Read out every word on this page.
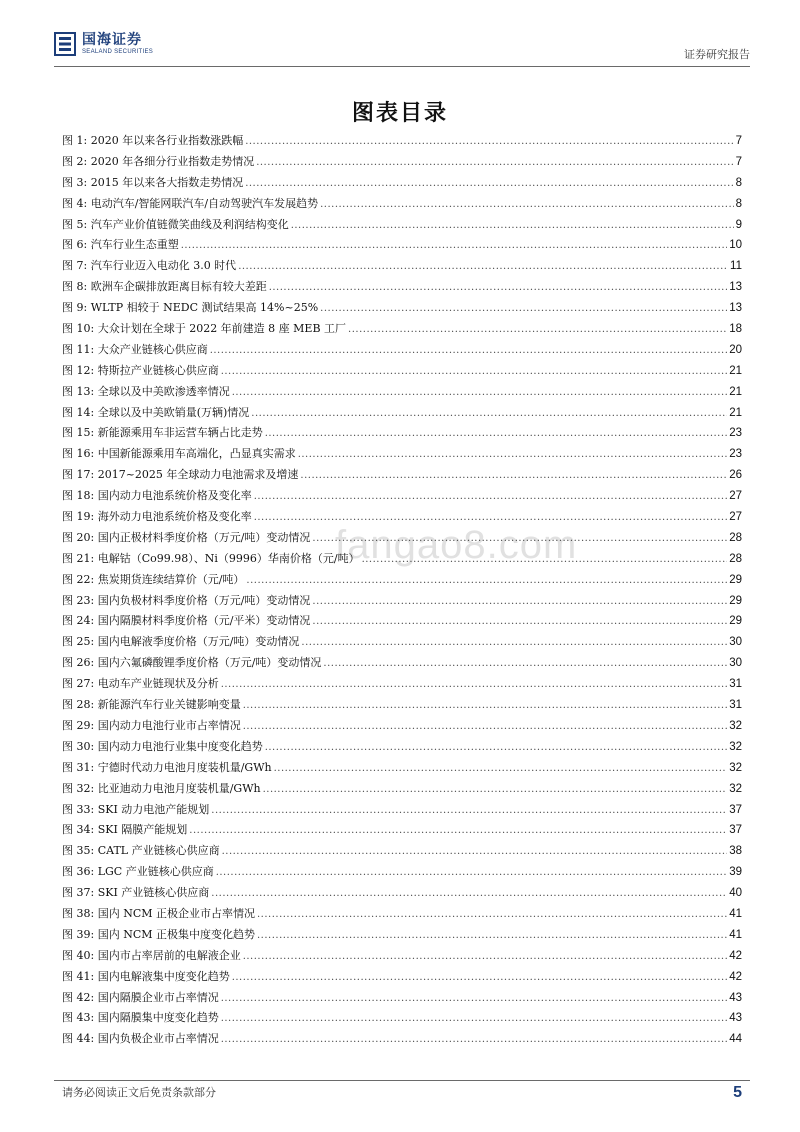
国海证券
SEALAND SECURITIES	证券研究报告
图表目录
fangao8.com
图 1: 2020 年以来各行业指数涨跌幅 .....	7
图 2: 2020 年各细分行业指数走势情况 .....	7
图 3: 2015 年以来各大指数走势情况 .....	8
图 4: 电动汽车/智能网联汽车/自动驾驶汽车发展趋势 .....	8
图 5: 汽车产业价值链微笑曲线及利润结构变化 .....	9
图 6: 汽车行业生态重塑 .....	10
图 7: 汽车行业迈入电动化 3.0 时代 .....	11
图 8: 欧洲车企碳排放距离目标有较大差距 .....	13
图 9: WLTP 相较于 NEDC 测试结果高 14%~25% .....	13
图 10: 大众计划在全球于 2022 年前建造 8 座 MEB 工厂 .....	18
图 11: 大众产业链核心供应商 .....	20
图 12: 特斯拉产业链核心供应商 .....	21
图 13: 全球以及中美欧渗透率情况 .....	21
图 14: 全球以及中美欧销量(万辆)情况 .....	21
图 15: 新能源乘用车非运营车辆占比走势 .....	23
图 16: 中国新能源乘用车高端化，凸显真实需求 .....	23
图 17: 2017~2025 年全球动力电池需求及增速 .....	26
图 18: 国内动力电池系统价格及变化率 .....	27
图 19: 海外动力电池系统价格及变化率 .....	27
图 20: 国内正极材料季度价格（万元/吨）变动情况 .....	28
图 21: 电解钴（Co99.98）、Ni（9996）华南价格（元/吨） .....	28
图 22: 焦炭期货连续结算价（元/吨） .....	29
图 23: 国内负极材料季度价格（万元/吨）变动情况 .....	29
图 24: 国内隔膜材料季度价格（元/平米）变动情况 .....	29
图 25: 国内电解液季度价格（万元/吨）变动情况 .....	30
图 26: 国内六氟磷酸锂季度价格（万元/吨）变动情况 .....	30
图 27: 电动车产业链现状及分析 .....	31
图 28: 新能源汽车行业关键影响变量 .....	31
图 29: 国内动力电池行业市占率情况 .....	32
图 30: 国内动力电池行业集中度变化趋势 .....	32
图 31: 宁德时代动力电池月度装机量/GWh .....	32
图 32: 比亚迪动力电池月度装机量/GWh .....	32
图 33: SKI 动力电池产能规划 .....	37
图 34: SKI 隔膜产能规划 .....	37
图 35: CATL 产业链核心供应商 .....	38
图 36: LGC 产业链核心供应商 .....	39
图 37: SKI 产业链核心供应商 .....	40
图 38: 国内 NCM 正极企业市占率情况 .....	41
图 39: 国内 NCM 正极集中度变化趋势 .....	41
图 40: 国内市占率居前的电解液企业 .....	42
图 41: 国内电解液集中度变化趋势 .....	42
图 42: 国内隔膜企业市占率情况 .....	43
图 43: 国内隔膜集中度变化趋势 .....	43
图 44: 国内负极企业市占率情况 .....	44
请务必阅读正文后免责条款部分	5
